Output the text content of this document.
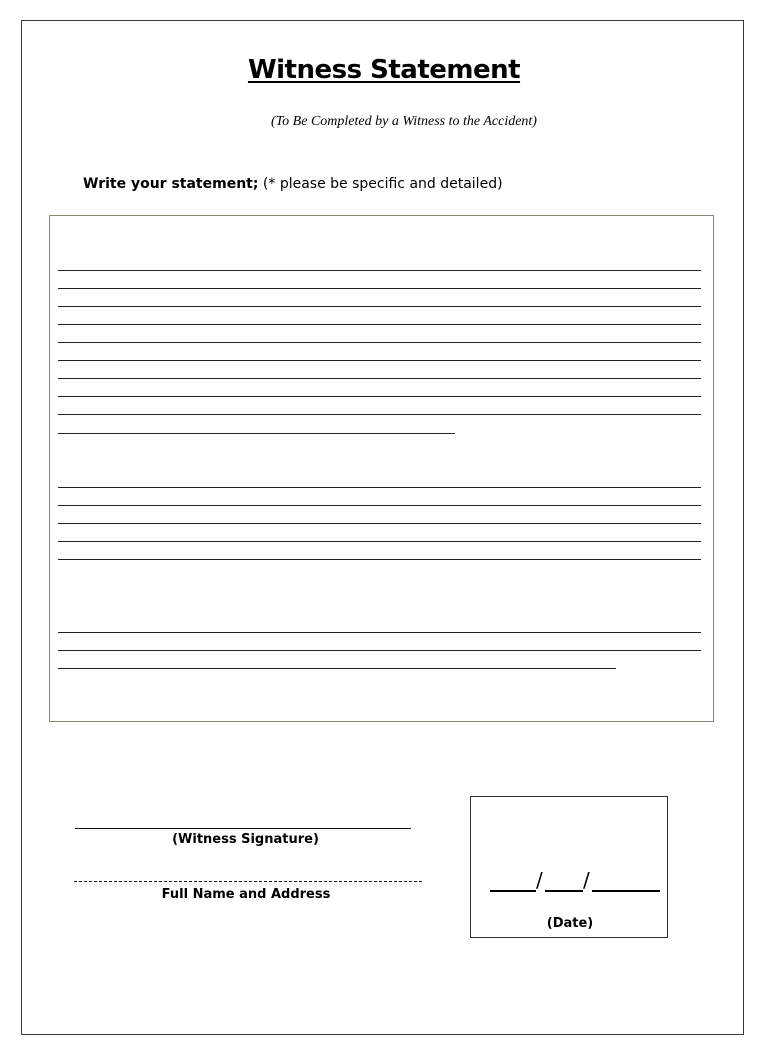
Witness Statement
(To Be Completed by a Witness to the Accident)
Write your statement; (* please be specific and detailed)
(Witness Signature)
Full Name and Address
/ /
(Date)
